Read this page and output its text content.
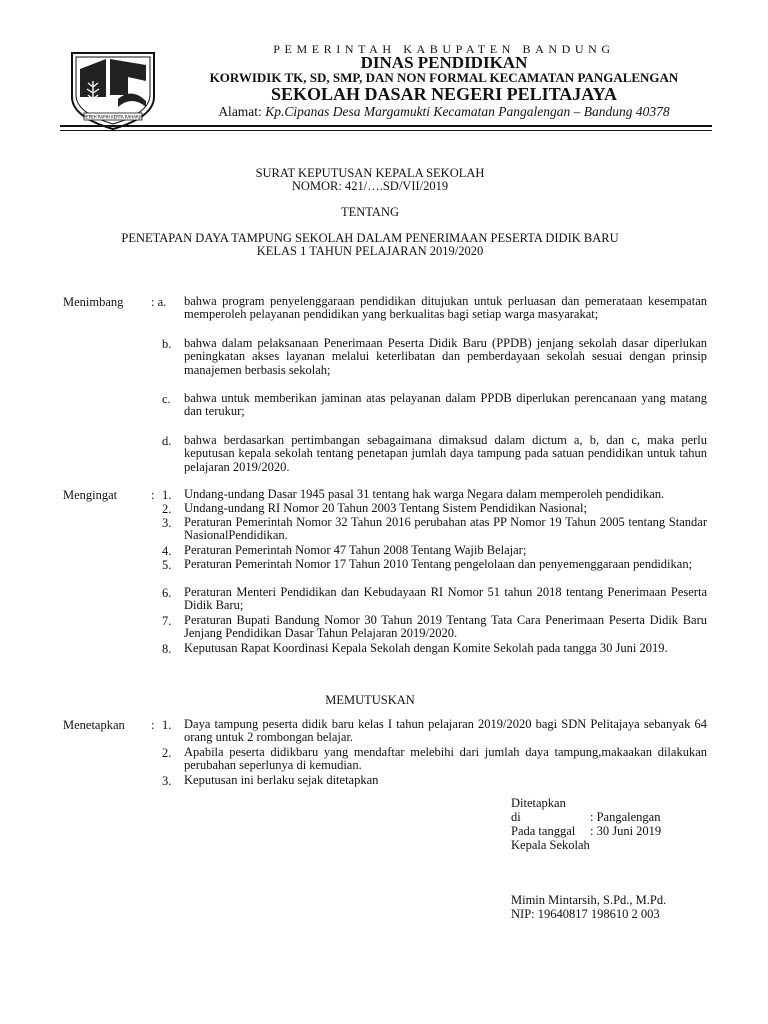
REPEH RAPIH KERTA RAHARJA
PEMERINTAH KABUPATEN BANDUNG
DINAS PENDIDIKAN
KORWIDIK TK, SD, SMP, DAN NON FORMAL KECAMATAN PANGALENGAN
SEKOLAH DASAR NEGERI PELITAJAYA
Alamat: Kp.Cipanas Desa Margamukti Kecamatan Pangalengan – Bandung 40378
SURAT KEPUTUSAN KEPALA SEKOLAH
NOMOR: 421/….SD/VII/2019
TENTANG
PENETAPAN DAYA TAMPUNG SEKOLAH DALAM PENERIMAAN PESERTA DIDIK BARU
KELAS 1 TAHUN PELAJARAN 2019/2020
Menimbang : a. bahwa program penyelenggaraan pendidikan ditujukan untuk perluasan dan pemerataan kesempatan memperoleh pelayanan pendidikan yang berkualitas bagi setiap warga masyarakat;
b. bahwa dalam pelaksanaan Penerimaan Peserta Didik Baru (PPDB) jenjang sekolah dasar diperlukan peningkatan akses layanan melalui keterlibatan dan pemberdayaan sekolah sesuai dengan prinsip manajemen berbasis sekolah;
c. bahwa untuk memberikan jaminan atas pelayanan dalam PPDB diperlukan perencanaan yang matang dan terukur;
d. bahwa berdasarkan pertimbangan sebagaimana dimaksud dalam dictum a, b, dan c, maka perlu keputusan kepala sekolah tentang penetapan jumlah daya tampung pada satuan pendidikan untuk tahun pelajaran 2019/2020.
Mengingat	: 1. Undang-undang Dasar 1945 pasal 31 tentang hak warga Negara dalam memperoleh pendidikan.
2. Undang-undang RI Nomor 20 Tahun 2003 Tentang Sistem Pendidikan Nasional;
3. Peraturan Pemerintah Nomor 32 Tahun 2016 perubahan atas PP Nomor 19 Tahun 2005 tentang Standar NasionalPendidikan.
4. Peraturan Pemerintah Nomor 47 Tahun 2008 Tentang Wajib Belajar;
5. Peraturan Pemerintah Nomor 17 Tahun 2010 Tentang pengelolaan dan penyemenggaraan pendidikan;
6. Peraturan Menteri Pendidikan dan Kebudayaan RI Nomor 51 tahun 2018 tentang Penerimaan Peserta Didik Baru;
7. Peraturan Bupati Bandung Nomor 30 Tahun 2019 Tentang Tata Cara Penerimaan Peserta Didik Baru Jenjang Pendidikan Dasar Tahun Pelajaran 2019/2020.
8. Keputusan Rapat Koordinasi Kepala Sekolah dengan Komite Sekolah pada tangga 30 Juni 2019.
MEMUTUSKAN
Menetapkan : 1. Daya tampung peserta didik baru kelas I tahun pelajaran 2019/2020 bagi SDN Pelitajaya sebanyak 64 orang untuk 2 rombongan belajar.
2. Apabila peserta didikbaru yang mendaftar melebihi dari jumlah daya tampung,makaakan dilakukan perubahan seperlunya di kemudian.
3. Keputusan ini berlaku sejak ditetapkan
Ditetapkan
di	: Pangalengan
Pada tanggal : 30 Juni 2019
Kepala Sekolah
Mimin Mintarsih, S.Pd., M.Pd.
NIP: 19640817 198610 2 003
